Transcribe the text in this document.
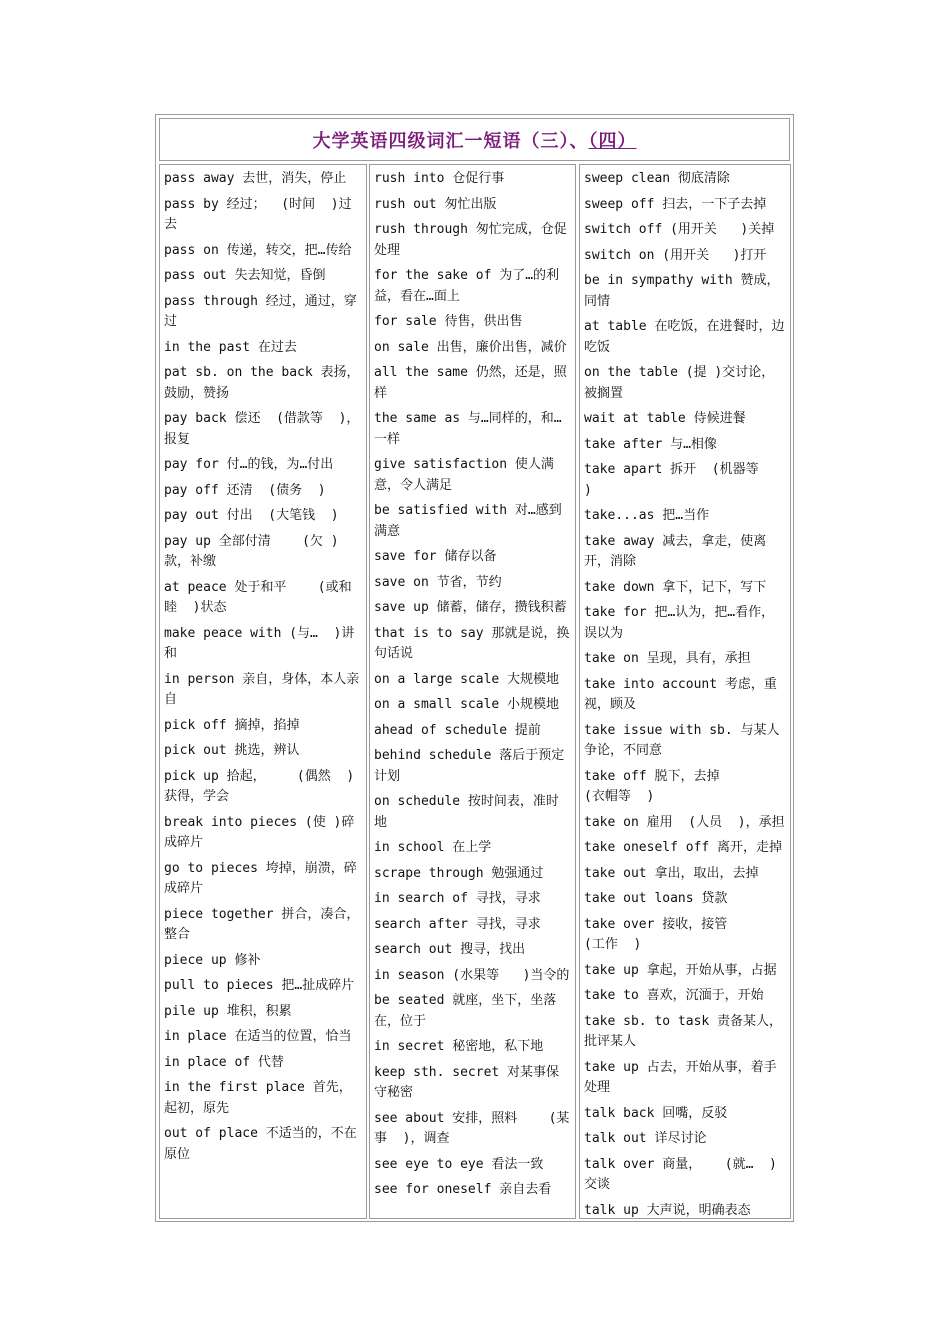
大学英语四级词汇一短语（三）、（四）
pass away 去世，消失，停止
pass by 经过；  (时间  )过去
pass on 传递，转交，把…传给
pass out 失去知觉，昏倒
pass through 经过，通过，穿过
in the past 在过去
pat sb. on the back 表扬，鼓励，赞扬
pay back 偿还  (借款等  )，报复
pay for 付…的钱，为…付出
pay off 还清  (债务  )
pay out 付出  (大笔钱  )
pay up 全部付清    (欠 )款，补缴
at peace 处于和平    (或和睦  )状态
make peace with (与…  )讲和
in person 亲自，身体，本人亲自
pick off 摘掉，掐掉
pick out 挑选，辨认
pick up 拾起，    (偶然  )获得，学会
break into pieces (使 )碎成碎片
go to pieces 垮掉，崩溃，碎成碎片
piece together 拼合，凑合，整合
piece up 修补
pull to pieces 把…扯成碎片
pile up 堆积，积累
in place 在适当的位置，恰当
in place of 代替
in the first place 首先，起初，原先
out of place 不适当的，不在原位
rush into 仓促行事
rush out 匆忙出版
rush through 匆忙完成，仓促处理
for the sake of 为了…的利益，看在…面上
for sale 待售，供出售
on sale 出售，廉价出售，减价
all the same 仍然，还是，照样
the same as 与…同样的，和…一样
give satisfaction 使人满意，令人满足
be satisfied with 对…感到满意
save for 储存以备
save on 节省，节约
save up 储蓄，储存，攒钱积蓄
that is to say 那就是说，换句话说
on a large scale 大规模地
on a small scale 小规模地
ahead of schedule 提前
behind schedule 落后于预定计划
on schedule 按时间表，准时地
in school 在上学
scrape through 勉强通过
in search of 寻找，寻求
search after 寻找，寻求
search out 搜寻，找出
in season (水果等   )当令的
be seated 就座，坐下，坐落在，位于
in secret 秘密地，私下地
keep sth. secret 对某事保守秘密
see about 安排，照料    (某事  )，调查
see eye to eye 看法一致
see for oneself 亲自去看
sweep clean 彻底清除
sweep off 扫去，一下子去掉
switch off (用开关   )关掉
switch on (用开关   )打开
be in sympathy with 赞成，同情
at table 在吃饭，在进餐时，边吃饭
on the table (提 )交讨论，被搁置
wait at table 侍候进餐
take after 与…相像
take apart 拆开  (机器等   )
take...as 把…当作
take away 减去，拿走，使离开，消除
take down 拿下，记下，写下
take for 把…认为，把…看作，误以为
take on 呈现，具有，承担
take into account 考虑，重视，顾及
take issue with sb. 与某人争论，不同意
take off 脱下，去掉      (衣帽等  )
take on 雇用  (人员  )，承担
take oneself off 离开，走掉
take out 拿出，取出，去掉
take out loans 贷款
take over 接收，接管      (工作  )
take up 拿起，开始从事，占据
take to 喜欢，沉湎于，开始
take sb. to task 责备某人，批评某人
take up 占去，开始从事，着手处理
talk back 回嘴，反驳
talk out 详尽讨论
talk over 商量，   (就…  )交谈
talk up 大声说，明确表态
